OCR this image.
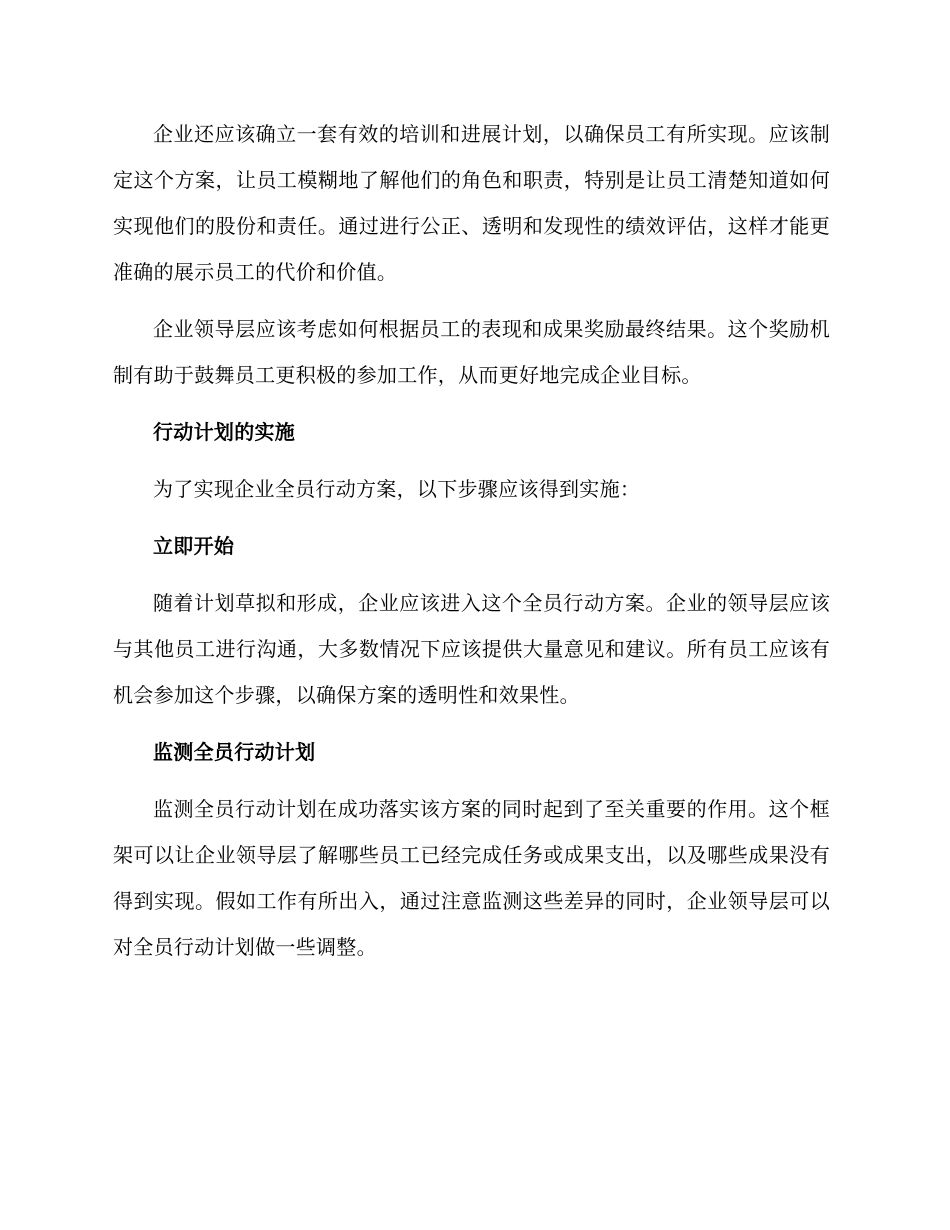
企业还应该确立一套有效的培训和进展计划，以确保员工有所实现。应该制定这个方案，让员工模糊地了解他们的角色和职责，特别是让员工清楚知道如何实现他们的股份和责任。通过进行公正、透明和发现性的绩效评估，这样才能更准确的展示员工的代价和价值。

企业领导层应该考虑如何根据员工的表现和成果奖励最终结果。这个奖励机制有助于鼓舞员工更积极的参加工作，从而更好地完成企业目标。

行动计划的实施

为了实现企业全员行动方案，以下步骤应该得到实施：

立即开始

随着计划草拟和形成，企业应该进入这个全员行动方案。企业的领导层应该与其他员工进行沟通，大多数情况下应该提供大量意见和建议。所有员工应该有机会参加这个步骤，以确保方案的透明性和效果性。

监测全员行动计划

监测全员行动计划在成功落实该方案的同时起到了至关重要的作用。这个框架可以让企业领导层了解哪些员工已经完成任务或成果支出，以及哪些成果没有得到实现。假如工作有所出入，通过注意监测这些差异的同时，企业领导层可以对全员行动计划做一些调整。
